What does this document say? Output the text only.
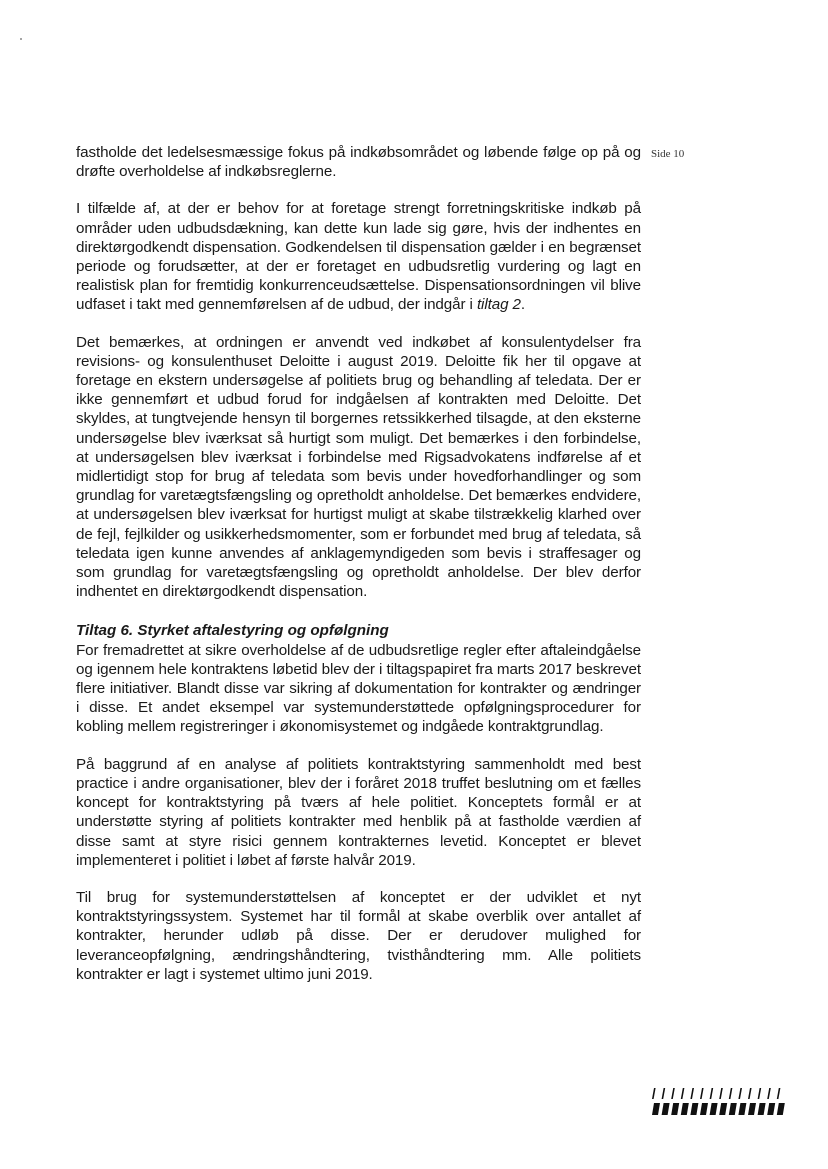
Side 10

fastholde det ledelsesmæssige fokus på indkøbsområdet og løbende følge op på og drøfte overholdelse af indkøbsreglerne.

I tilfælde af, at der er behov for at foretage strengt forretningskritiske indkøb på områder uden udbudsdækning, kan dette kun lade sig gøre, hvis der indhentes en direktørgodkendt dispensation. Godkendelsen til dispensation gælder i en begrænset periode og forudsætter, at der er foretaget en udbudsretlig vurdering og lagt en realistisk plan for fremtidig konkurrenceudsættelse. Dispensationsordningen vil blive udfaset i takt med gennemførelsen af de udbud, der indgår i tiltag 2.

Det bemærkes, at ordningen er anvendt ved indkøbet af konsulentydelser fra revisions- og konsulenthuset Deloitte i august 2019. Deloitte fik her til opgave at foretage en ekstern undersøgelse af politiets brug og behandling af teledata. Der er ikke gennemført et udbud forud for indgåelsen af kontrakten med Deloitte. Det skyldes, at tungtvejende hensyn til borgernes retssikkerhed tilsagde, at den eksterne undersøgelse blev iværksat så hurtigt som muligt. Det bemærkes i den forbindelse, at undersøgelsen blev iværksat i forbindelse med Rigsadvokatens indførelse af et midlertidigt stop for brug af teledata som bevis under hovedforhandlinger og som grundlag for varetægtsfængsling og opretholdt anholdelse. Det bemærkes endvidere, at undersøgelsen blev iværksat for hurtigst muligt at skabe tilstrækkelig klarhed over de fejl, fejlkilder og usikkerhedsmomenter, som er forbundet med brug af teledata, så teledata igen kunne anvendes af anklagemyndigeden som bevis i straffesager og som grundlag for varetægtsfængsling og opretholdt anholdelse. Der blev derfor indhentet en direktørgodkendt dispensation.

Tiltag 6. Styrket aftalestyring og opfølgning

For fremadrettet at sikre overholdelse af de udbudsretlige regler efter aftaleindgåelse og igennem hele kontraktens løbetid blev der i tiltagspapiret fra marts 2017 beskrevet flere initiativer. Blandt disse var sikring af dokumentation for kontrakter og ændringer i disse. Et andet eksempel var systemunderstøttede opfølgningsprocedurer for kobling mellem registreringer i økonomisystemet og indgåede kontraktgrundlag.

På baggrund af en analyse af politiets kontraktstyring sammenholdt med best practice i andre organisationer, blev der i foråret 2018 truffet beslutning om et fælles koncept for kontraktstyring på tværs af hele politiet. Konceptets formål er at understøtte styring af politiets kontrakter med henblik på at fastholde værdien af disse samt at styre risici gennem kontrakternes levetid. Konceptet er blevet implementeret i politiet i løbet af første halvår 2019.

Til brug for systemunderstøttelsen af konceptet er der udviklet et nyt kontraktstyringssystem. Systemet har til formål at skabe overblik over antallet af kontrakter, herunder udløb på disse. Der er derudover mulighed for leveranceopfølgning, ændringshåndtering, tvisthåndtering mm. Alle politiets kontrakter er lagt i systemet ultimo juni 2019.
